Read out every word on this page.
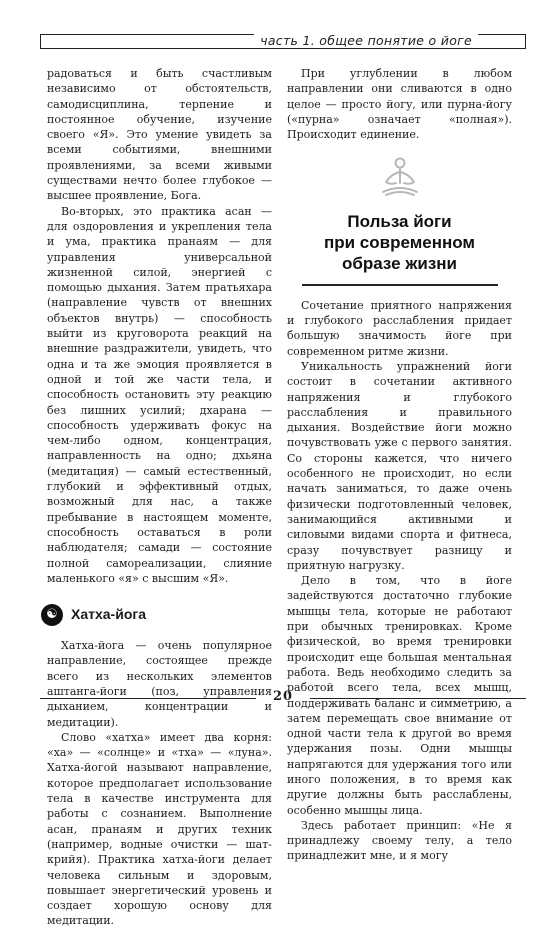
часть 1. общее понятие о йоге

радоваться и быть счастливым независимо от обстоятельств, самодисциплина, терпение и постоянное обучение, изучение своего «Я». Это умение увидеть за всеми событиями, внешними проявлениями, за всеми живыми существами нечто более глубокое — высшее проявление, Бога.

Во-вторых, это практика асан — для оздоровления и укрепления тела и ума, практика пранаям — для управления универсальной жизненной силой, энергией с помощью дыхания. Затем пратьяхара (направление чувств от внешних объектов внутрь) — способность выйти из круговорота реакций на внешние раздражители, увидеть, что одна и та же эмоция проявляется в одной и той же части тела, и способность остановить эту реакцию без лишних усилий; дхарана — способность удерживать фокус на чем-либо одном, концентрация, направленность на одно; дхьяна (медитация) — самый естественный, глубокий и эффективный отдых, возможный для нас, а также пребывание в настоящем моменте, способность оставаться в роли наблюдателя; самади — состояние полной самореализации, слияние маленького «я» с высшим «Я».

☯ Хатха-йога

Хатха-йога — очень популярное направление, состоящее прежде всего из нескольких элементов аштанга-йоги (поз, управления дыханием, концентрации и медитации).

Слово «хатха» имеет два корня: «ха» — «солнце» и «тха» — «луна». Хатха-йогой называют направление, которое предполагает использование тела в качестве инструмента для работы с сознанием. Выполнение асан, пранаям и других техник (например, водные очистки — шат-крийя). Практика хатха-йоги делает человека сильным и здоровым, повышает энергетический уровень и создает хорошую основу для медитации.

При углублении в любом направлении они сливаются в одно целое — просто йогу, или пурна-йогу («пурна» означает «полная»). Происходит единение.

Польза йоги
при современном
образе жизни

Сочетание приятного напряжения и глубокого расслабления придает большую значимость йоге при современном ритме жизни.

Уникальность упражнений йоги состоит в сочетании активного напряжения и глубокого расслабления и правильного дыхания. Воздействие йоги можно почувствовать уже с первого занятия. Со стороны кажется, что ничего особенного не происходит, но если начать заниматься, то даже очень физически подготовленный человек, занимающийся активными и силовыми видами спорта и фитнеса, сразу почувствует разницу и приятную нагрузку.

Дело в том, что в йоге задействуются достаточно глубокие мышцы тела, которые не работают при обычных тренировках. Кроме физической, во время тренировки происходит еще большая ментальная работа. Ведь необходимо следить за работой всего тела, всех мышц, поддерживать баланс и симметрию, а затем перемещать свое внимание от одной части тела к другой во время удержания позы. Одни мышцы напрягаются для удержания того или иного положения, в то время как другие должны быть расслаблены, особенно мышцы лица.

Здесь работает принцип: «Не я принадлежу своему телу, а тело принадлежит мне, и я могу

20
